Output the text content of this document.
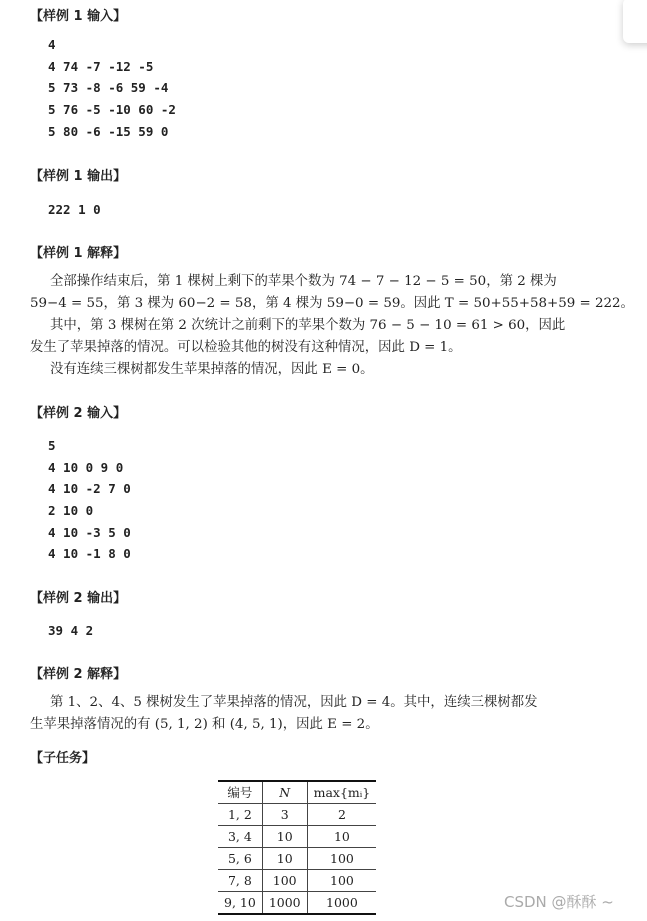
【样例 1 输入】
4
4 74 -7 -12 -5
5 73 -8 -6 59 -4
5 76 -5 -10 60 -2
5 80 -6 -15 59 0
【样例 1 输出】
222 1 0
【样例 1 解释】
全部操作结束后，第 1 棵树上剩下的苹果个数为 74 − 7 − 12 − 5 = 50，第 2 棵为
59−4 = 55，第 3 棵为 60−2 = 58，第 4 棵为 59−0 = 59。因此 T = 50+55+58+59 = 222。
其中，第 3 棵树在第 2 次统计之前剩下的苹果个数为 76 − 5 − 10 = 61 > 60，因此
发生了苹果掉落的情况。可以检验其他的树没有这种情况，因此 D = 1。
没有连续三棵树都发生苹果掉落的情况，因此 E = 0。
【样例 2 输入】
5
4 10 0 9 0
4 10 -2 7 0
2 10 0
4 10 -3 5 0
4 10 -1 8 0
【样例 2 输出】
39 4 2
【样例 2 解释】
第 1、2、4、5 棵树发生了苹果掉落的情况，因此 D = 4。其中，连续三棵树都发
生苹果掉落情况的有 (5, 1, 2) 和 (4, 5, 1)，因此 E = 2。
【子任务】
编号	N	max{mᵢ}
1, 2	3	2
3, 4	10	10
5, 6	10	100
7, 8	100	100
9, 10	1000	1000	CSDN @酥酥 ~
